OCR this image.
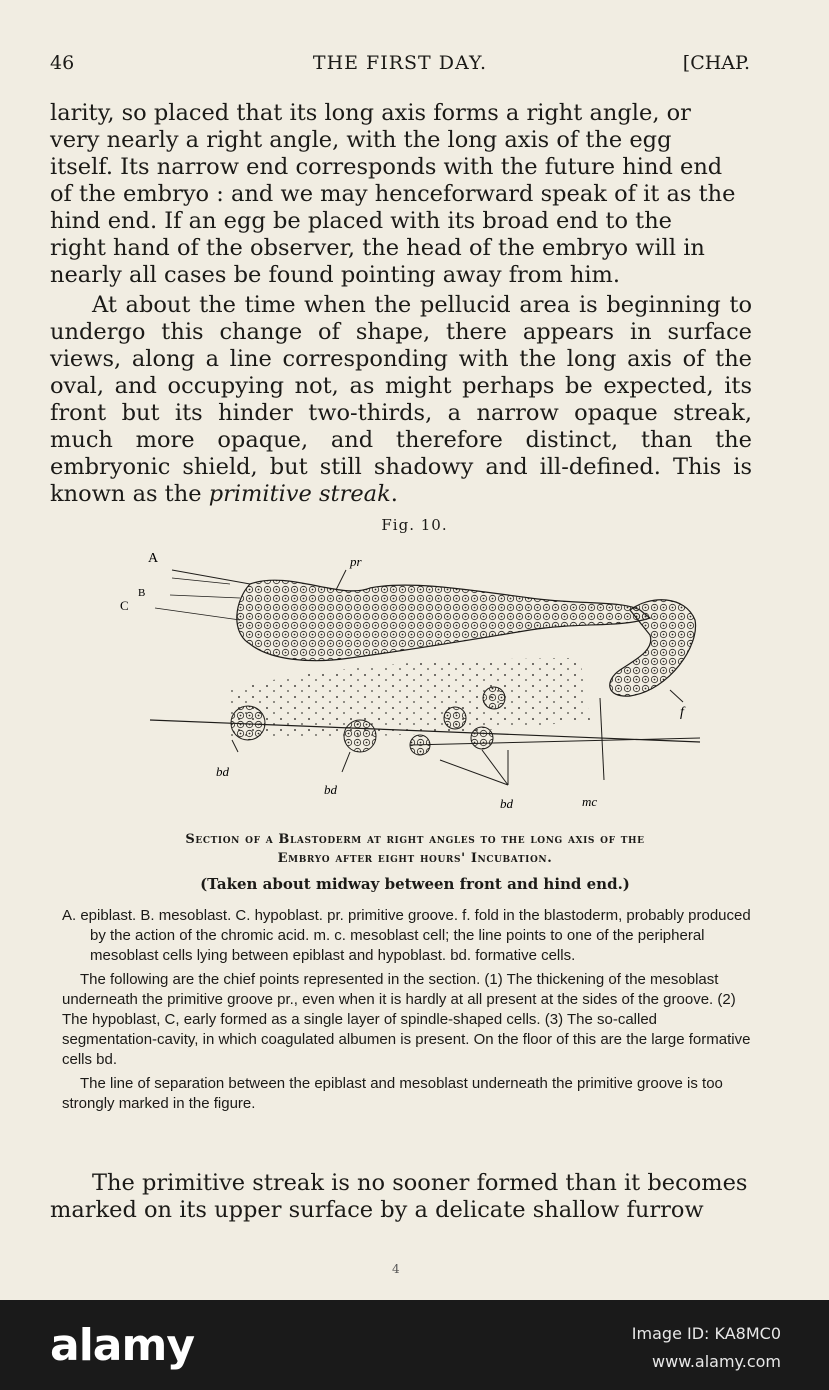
46	THE FIRST DAY.	[CHAP.
larity, so placed that its long axis forms a right angle, or
very nearly a right angle, with the long axis of the egg
itself. Its narrow end corresponds with the future hind end
of the embryo : and we may henceforward speak of it as the
hind end. If an egg be placed with its broad end to the
right hand of the observer, the head of the embryo will in
nearly all cases be found pointing away from him.

At about the time when the pellucid area is beginning to undergo this change of shape, there appears in surface views, along a line corresponding with the long axis of the oval, and occupying not, as might perhaps be expected, its front but its hinder two-thirds, a narrow opaque streak, much more opaque, and therefore distinct, than the embryonic shield, but still shadowy and ill-defined. This is known as the primitive streak.

Fig. 10.
A
B
C
pr
f
bd
bd
bd	mc
Section of a Blastoderm at right angles to the long axis of the
Embryo after eight hours' Incubation.
(Taken about midway between front and hind end.)

A. epiblast. B. mesoblast. C. hypoblast. pr. primitive groove. f. fold in the blastoderm, probably produced by the action of the chromic acid. m. c. mesoblast cell; the line points to one of the peripheral mesoblast cells lying between epiblast and hypoblast. bd. formative cells.

The following are the chief points represented in the section. (1) The thickening of the mesoblast underneath the primitive groove pr., even when it is hardly at all present at the sides of the groove. (2) The hypoblast, C, early formed as a single layer of spindle-shaped cells. (3) The so-called segmentation-cavity, in which coagulated albumen is present. On the floor of this are the large formative cells bd.

The line of separation between the epiblast and mesoblast underneath the primitive groove is too strongly marked in the figure.

The primitive streak is no sooner formed than it becomes
marked on its upper surface by a delicate shallow furrow
4
alamy	Image ID: KA8MC0
www.alamy.com
